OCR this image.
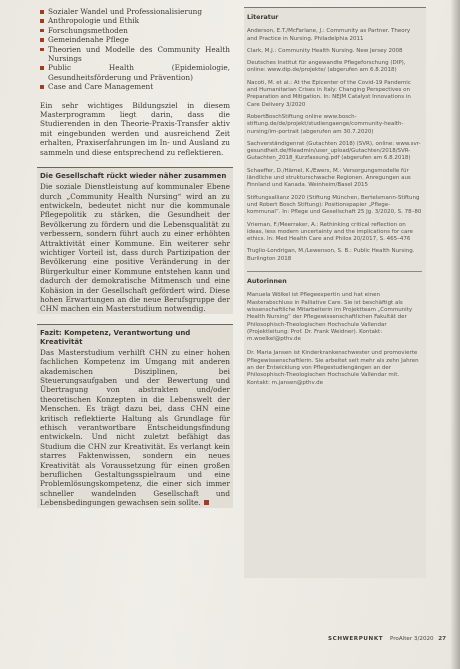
Sozialer Wandel und Professionalisierung
Anthropologie und Ethik
Forschungsmethoden
Gemeindenahe Pflege
Theorien und Modelle des Community Health Nursings
Public Health (Epidemiologie, Gesundheitsförderung und Prävention)
Case and Care Management

Ein sehr wichtiges Bildungsziel in diesem Masterprogramm liegt darin, dass die Studierenden in den Theorie-Praxis-Transfer aktiv mit eingebunden werden und ausreichend Zeit erhalten, Praxiserfahrungen im In- und Ausland zu sammeln und diese entsprechend zu reflektieren.

Die Gesellschaft rückt wieder näher zusammen

Die soziale Dienstleistung auf kommunaler Ebene durch „Community Health Nursing“ wird an zu entwickeln, bedeutet nicht nur die kommunale Pflegepolitik zu stärken, die Gesundheit der Bevölkerung zu fördern und die Lebensqualität zu verbessern, sondern führt auch zu einer erhöhten Attraktivität einer Kommune. Ein weiterer sehr wichtiger Vorteil ist, dass durch Partizipation der Bevölkerung eine positive Veränderung in der Bürgerkultur einer Kommune entstehen kann und dadurch der demokratische Mitmensch und eine Kohäsion in der Gesellschaft gefördert wird. Diese hohen Erwartungen an die neue Berufsgruppe der CHN machen ein Masterstudium notwendig.

Fazit: Kompetenz, Verantwortung und Kreativität

Das Masterstudium verhilft CHN zu einer hohen fachlichen Kompetenz im Umgang mit anderen akademischen Disziplinen, bei Steuerungsaufgaben und der Bewertung und Übertragung von abstrakten und/oder theoretischen Konzepten in die Lebenswelt der Menschen. Es trägt dazu bei, dass CHN eine kritisch reflektierte Haltung als Grundlage für ethisch verantwortbare Entscheidungsfindung entwickeln. Und nicht zuletzt befähigt das Studium die CHN zur Kreativität. Es verlangt kein starres Faktenwissen, sondern ein neues Kreativität als Voraussetzung für einen großen beruflichen Gestaltungsspielraum und eine Problemlösungskompetenz, die einer sich immer schneller wandelnden Gesellschaft und Lebensbedingungen gewachsen sein sollte.

Literatur

Anderson, E.T./McFarlane, J.: Community as Partner. Theory and Practice in Nursing. Philadelphia 2011

Clark, M.J.: Community Health Nursing. New Jersey 2008

Deutsches Institut für angewandte Pflegeforschung (DIP), online: www.dip.de/projekte/ (abgerufen am 6.8.2018)

Nacoti, M. et al.: At the Epicenter of the Covid-19 Pandemic and Humanitarian Crises in Italy: Changing Perspectives on Preparation and Mitigation. In: NEJM Catalyst Innovations in Care Delivery 3/2020

RobertBoschStiftung online www.bosch-stiftung.de/de/projekt/studiengaenge/community-health-nursing/im-portrait (abgerufen am 30.7.2020)

Sachverständigenrat (Gutachten 2018) (SVR), online: www.svr-gesundheit.de/fileadmin/user_upload/Gutachten/2018/SVR-Gutachten_2018_Kurzfassung.pdf (abgerufen am 6.8.2018)

Schaeffer, D./Hämel, K./Ewers, M.: Versorgungsmodelle für ländliche und strukturschwache Regionen. Anregungen aus Finnland und Kanada. Weinheim/Basel 2015

Stiftungsallianz 2020 (Stiftung München, Bertelsmann-Stiftung und Robert Bosch Stiftung): Positionspapier „Pflege-kommunal“. In: Pflege und Gesellschaft 25 Jg. 3/2020, S. 78–80

Vrieman, F./Meerraker, A.: Rethinking critical reflection on ideas, less modern uncertainty and the implications for care ethics. In: Med Health Care and Philos 20/2017, S. 465–476

Truglio-Londrigan, M./Lewenson, S. B.: Public Health Nursing. Burlington 2018

Autorinnen

Manuela Wölkel ist Pflegeexpertin und hat einen Masterabschluss in Palliative Care. Sie ist beschäftigt als wissenschaftliche Mitarbeiterin im Projektteam „Community Health Nursing“ der Pflegewissenschaftlichen Fakultät der Philosophisch-Theologischen Hochschule Vallendar (Projektleitung: Prof. Dr. Frank Weidner). Kontakt: m.woelkel@pthv.de

Dr. Maria Jansen ist Kinderkrankenschwester und promovierte Pflegewissenschaftlerin. Sie arbeitet seit mehr als zehn Jahren an der Entwicklung von Pflegestudiengängen an der Philosophisch-Theologischen Hochschule Vallendar mit. Kontakt: m.jansen@pthv.de

SCHWERPUNKT ProAlter 3/2020 27
